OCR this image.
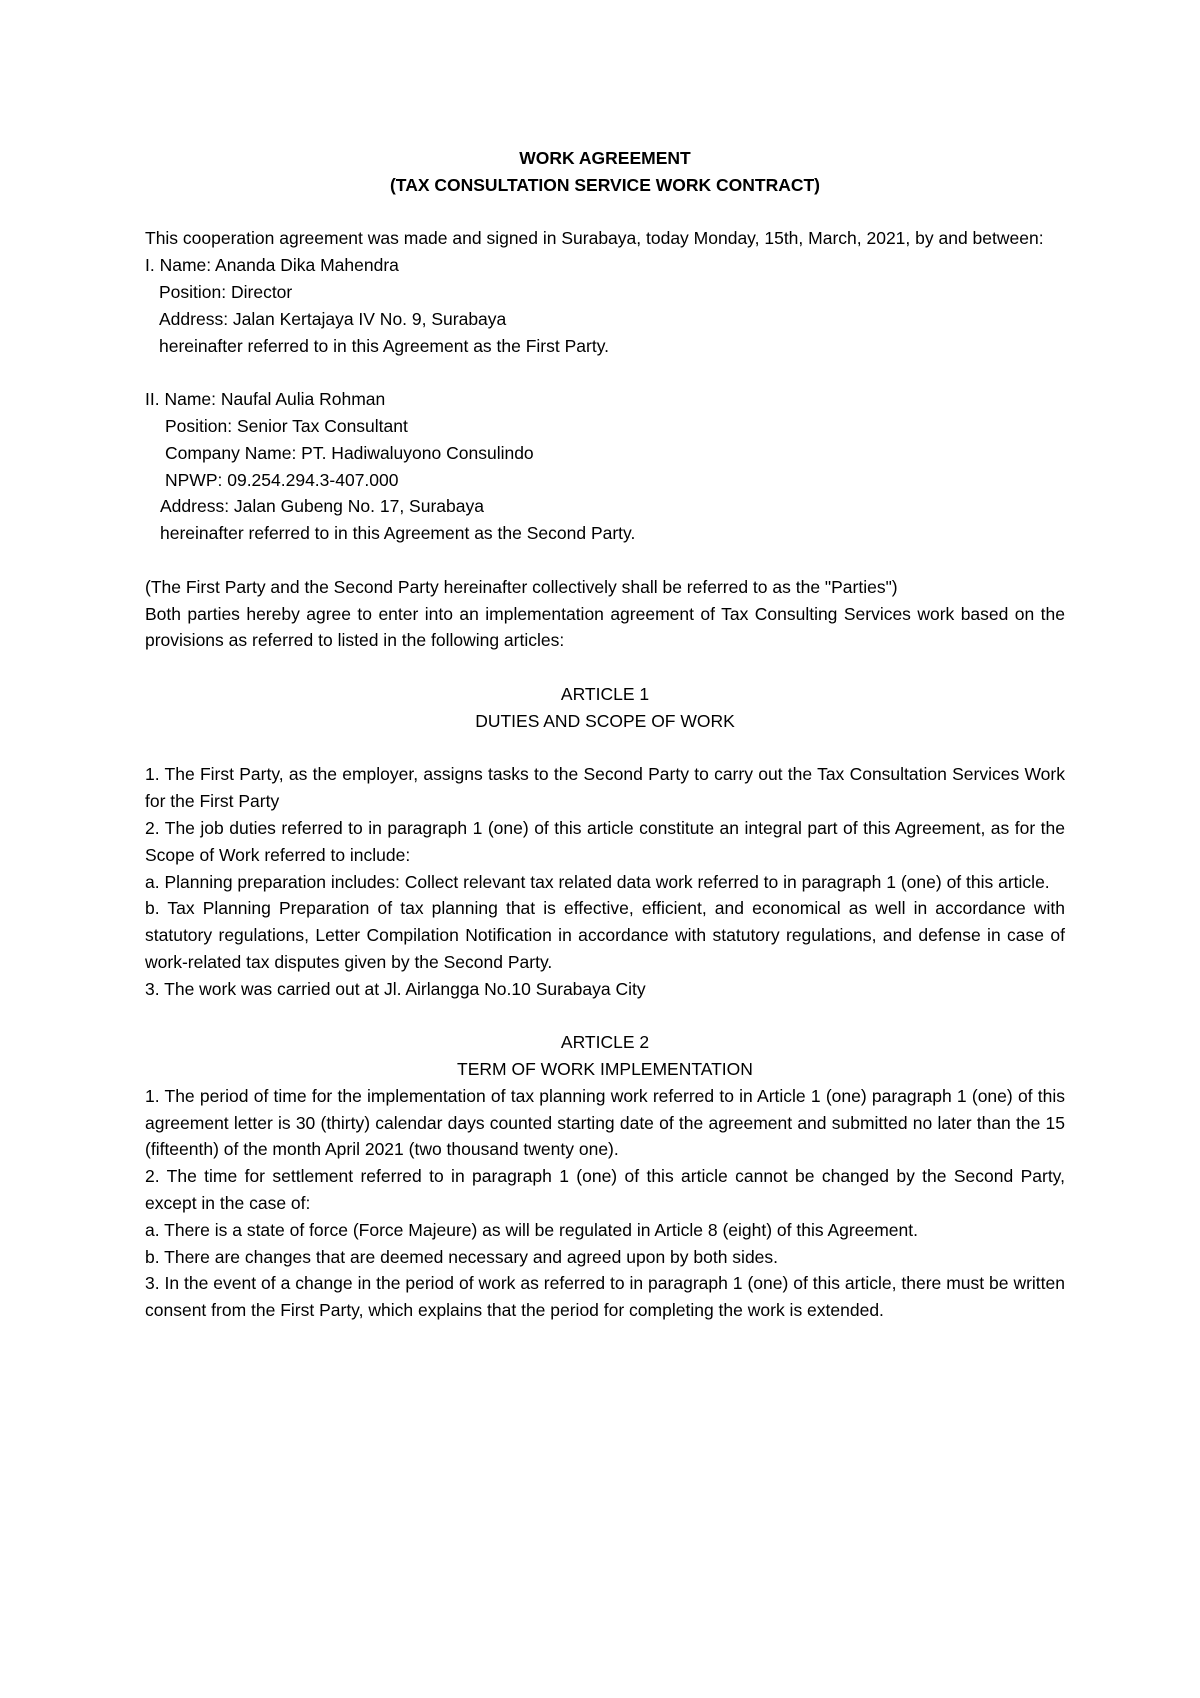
WORK AGREEMENT

(TAX CONSULTATION SERVICE WORK CONTRACT)

This cooperation agreement was made and signed in Surabaya, today Monday, 15th, March, 2021, by and between:

I. Name: Ananda Dika Mahendra

Position: Director

Address: Jalan Kertajaya IV No. 9, Surabaya

hereinafter referred to in this Agreement as the First Party.

II. Name: Naufal Aulia Rohman

Position: Senior Tax Consultant

Company Name: PT. Hadiwaluyono Consulindo

NPWP: 09.254.294.3-407.000

Address: Jalan Gubeng No. 17, Surabaya

hereinafter referred to in this Agreement as the Second Party.

(The First Party and the Second Party hereinafter collectively shall be referred to as the "Parties")

Both parties hereby agree to enter into an implementation agreement of Tax Consulting Services work based on the provisions as referred to listed in the following articles:

ARTICLE 1

DUTIES AND SCOPE OF WORK

1. The First Party, as the employer, assigns tasks to the Second Party to carry out the Tax Consultation Services Work for the First Party

2. The job duties referred to in paragraph 1 (one) of this article constitute an integral part of this Agreement, as for the Scope of Work referred to include:

a. Planning preparation includes: Collect relevant tax related data work referred to in paragraph 1 (one) of this article.

b. Tax Planning Preparation of tax planning that is effective, efficient, and economical as well in accordance with statutory regulations, Letter Compilation Notification in accordance with statutory regulations, and defense in case of work-related tax disputes given by the Second Party.

3. The work was carried out at Jl. Airlangga No.10 Surabaya City

ARTICLE 2

TERM OF WORK IMPLEMENTATION

1. The period of time for the implementation of tax planning work referred to in Article 1 (one) paragraph 1 (one) of this agreement letter is 30 (thirty) calendar days counted starting date of the agreement and submitted no later than the 15 (fifteenth) of the month April 2021 (two thousand twenty one).

2. The time for settlement referred to in paragraph 1 (one) of this article cannot be changed by the Second Party, except in the case of:

a. There is a state of force (Force Majeure) as will be regulated in Article 8 (eight) of this Agreement.

b. There are changes that are deemed necessary and agreed upon by both sides.

3. In the event of a change in the period of work as referred to in paragraph 1 (one) of this article, there must be written consent from the First Party, which explains that the period for completing the work is extended.
